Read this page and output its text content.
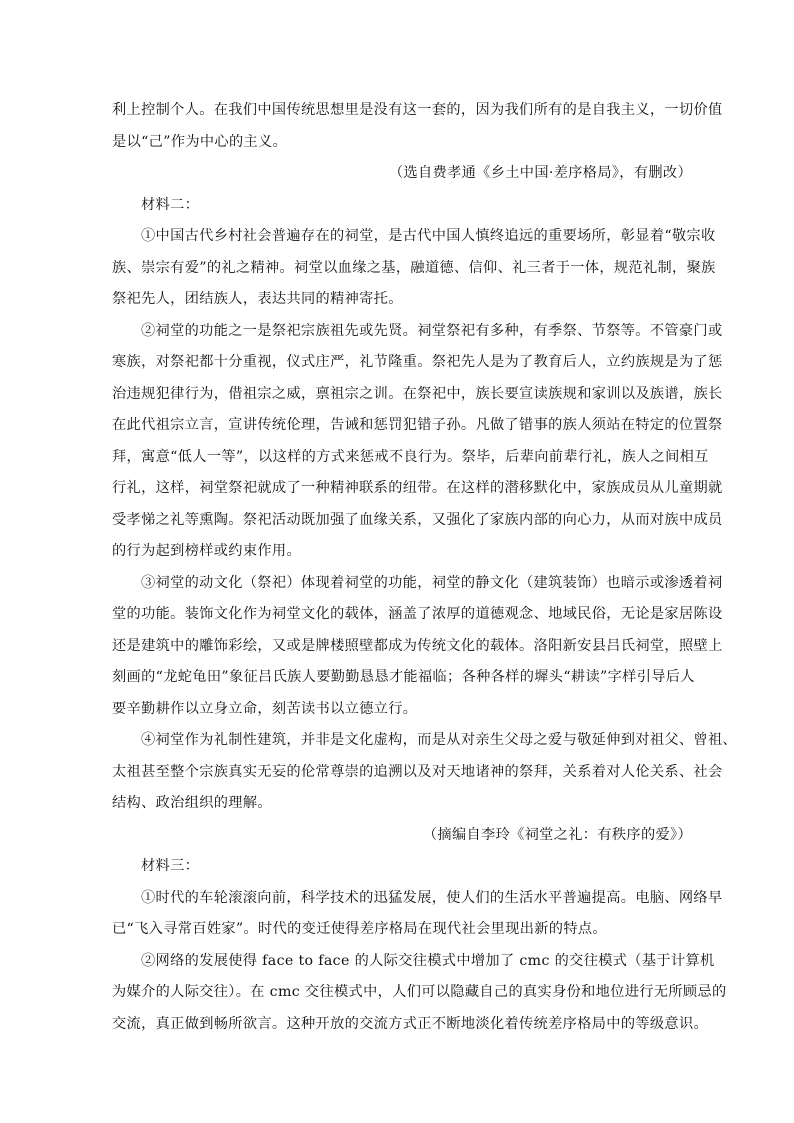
利上控制个人。在我们中国传统思想里是没有这一套的，因为我们所有的是自我主义，一切价值
是以“己”作为中心的主义。
（选自费孝通《乡土中国·差序格局》，有删改）
材料二：
①中国古代乡村社会普遍存在的祠堂，是古代中国人慎终追远的重要场所，彰显着“敬宗收
族、崇宗有爱”的礼之精神。祠堂以血缘之基，融道德、信仰、礼三者于一体，规范礼制，聚族
祭祀先人，团结族人，表达共同的精神寄托。
②祠堂的功能之一是祭祀宗族祖先或先贤。祠堂祭祀有多种，有季祭、节祭等。不管豪门或
寒族，对祭祀都十分重视，仪式庄严，礼节隆重。祭祀先人是为了教育后人，立约族规是为了惩
治违规犯律行为，借祖宗之威，禀祖宗之训。在祭祀中，族长要宣读族规和家训以及族谱，族长
在此代祖宗立言，宣讲传统伦理，告诫和惩罚犯错子孙。凡做了错事的族人须站在特定的位置祭
拜，寓意“低人一等”，以这样的方式来惩戒不良行为。祭毕，后辈向前辈行礼，族人之间相互
行礼，这样，祠堂祭祀就成了一种精神联系的纽带。在这样的潜移默化中，家族成员从儿童期就
受孝悌之礼等熏陶。祭祀活动既加强了血缘关系，又强化了家族内部的向心力，从而对族中成员
的行为起到榜样或约束作用。
③祠堂的动文化（祭祀）体现着祠堂的功能，祠堂的静文化（建筑装饰）也暗示或渗透着祠
堂的功能。装饰文化作为祠堂文化的载体，涵盖了浓厚的道德观念、地域民俗，无论是家居陈设
还是建筑中的雕饰彩绘，又或是牌楼照壁都成为传统文化的载体。洛阳新安县吕氏祠堂，照壁上
刻画的“龙蛇龟田”象征吕氏族人要勤勤恳恳才能福临；各种各样的墀头“耕读”字样引导后人
要辛勤耕作以立身立命，刻苦读书以立德立行。
④祠堂作为礼制性建筑，并非是文化虚构，而是从对亲生父母之爱与敬延伸到对祖父、曾祖、
太祖甚至整个宗族真实无妄的伦常尊崇的追溯以及对天地诸神的祭拜，关系着对人伦关系、社会
结构、政治组织的理解。
（摘编自李玲《祠堂之礼：有秩序的爱》）
材料三：
①时代的车轮滚滚向前，科学技术的迅猛发展，使人们的生活水平普遍提高。电脑、网络早
已“飞入寻常百姓家”。时代的变迁使得差序格局在现代社会里现出新的特点。
②网络的发展使得 face to face 的人际交往模式中增加了 cmc 的交往模式（基于计算机
为媒介的人际交往）。在 cmc 交往模式中，人们可以隐藏自己的真实身份和地位进行无所顾忌的
交流，真正做到畅所欲言。这种开放的交流方式正不断地淡化着传统差序格局中的等级意识。
